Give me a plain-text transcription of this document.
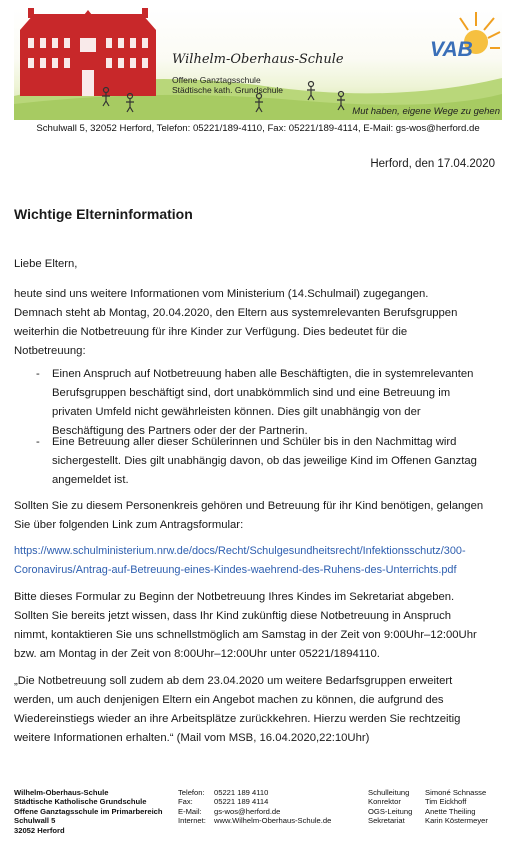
Wilhelm-Oberhaus-Schule
Offene Ganztagsschule
Städtische kath. Grundschule
VAB
Mut haben, eigene Wege zu gehen
Schulwall 5, 32052 Herford, Telefon: 05221/189-4110, Fax: 05221/189-4114, E-Mail: gs-wos@herford.de
Herford, den 17.04.2020
Wichtige Elterninformation
Liebe Eltern,
heute sind uns weitere Informationen vom Ministerium (14.Schulmail) zugegangen.
Demnach steht ab Montag, 20.04.2020, den Eltern aus systemrelevanten Berufsgruppen
weiterhin die Notbetreuung für ihre Kinder zur Verfügung. Dies bedeutet für die
Notbetreuung:
- Einen Anspruch auf Notbetreuung haben alle Beschäftigten, die in systemrelevanten
Berufsgruppen beschäftigt sind, dort unabkömmlich sind und eine Betreuung im
privaten Umfeld nicht gewährleisten können. Dies gilt unabhängig von der
Beschäftigung des Partners oder der der Partnerin.
- Eine Betreuung aller dieser Schülerinnen und Schüler bis in den Nachmittag wird
sichergestellt. Dies gilt unabhängig davon, ob das jeweilige Kind im Offenen Ganztag
angemeldet ist.
Sollten Sie zu diesem Personenkreis gehören und Betreuung für ihr Kind benötigen, gelangen
Sie über folgenden Link zum Antragsformular:
https://www.schulministerium.nrw.de/docs/Recht/Schulgesundheitsrecht/Infektionsschutz/300-
Coronavirus/Antrag-auf-Betreuung-eines-Kindes-waehrend-des-Ruhens-des-Unterrichts.pdf
Bitte dieses Formular zu Beginn der Notbetreuung Ihres Kindes im Sekretariat abgeben.
Sollten Sie bereits jetzt wissen, dass Ihr Kind zukünftig diese Notbetreuung in Anspruch
nimmt, kontaktieren Sie uns schnellstmöglich am Samstag in der Zeit von 9:00Uhr–12:00Uhr
bzw. am Montag in der Zeit von 8:00Uhr–12:00Uhr unter 05221/1894110.
„Die Notbetreuung soll zudem ab dem 23.04.2020 um weitere Bedarfsgruppen erweitert
werden, um auch denjenigen Eltern ein Angebot machen zu können, die aufgrund des
Wiedereinstiegs wieder an ihre Arbeitsplätze zurückkehren. Hierzu werden Sie rechtzeitig
weitere Informationen erhalten.“ (Mail vom MSB, 16.04.2020,22:10Uhr)
Wilhelm-Oberhaus-Schule
Städtische Katholische Grundschule
Offene Ganztagsschule im Primarbereich
Schulwall 5
32052 Herford
Telefon:
Fax:
E-Mail:
Internet:
05221 189 4110
05221 189 4114
gs-wos@herford.de
www.Wilhelm-Oberhaus-Schule.de
Schulleitung
Konrektor
OGS-Leitung
Sekretariat
Simoné Schnasse
Tim Eickhoff
Anette Theiling
Karin Köstermeyer
